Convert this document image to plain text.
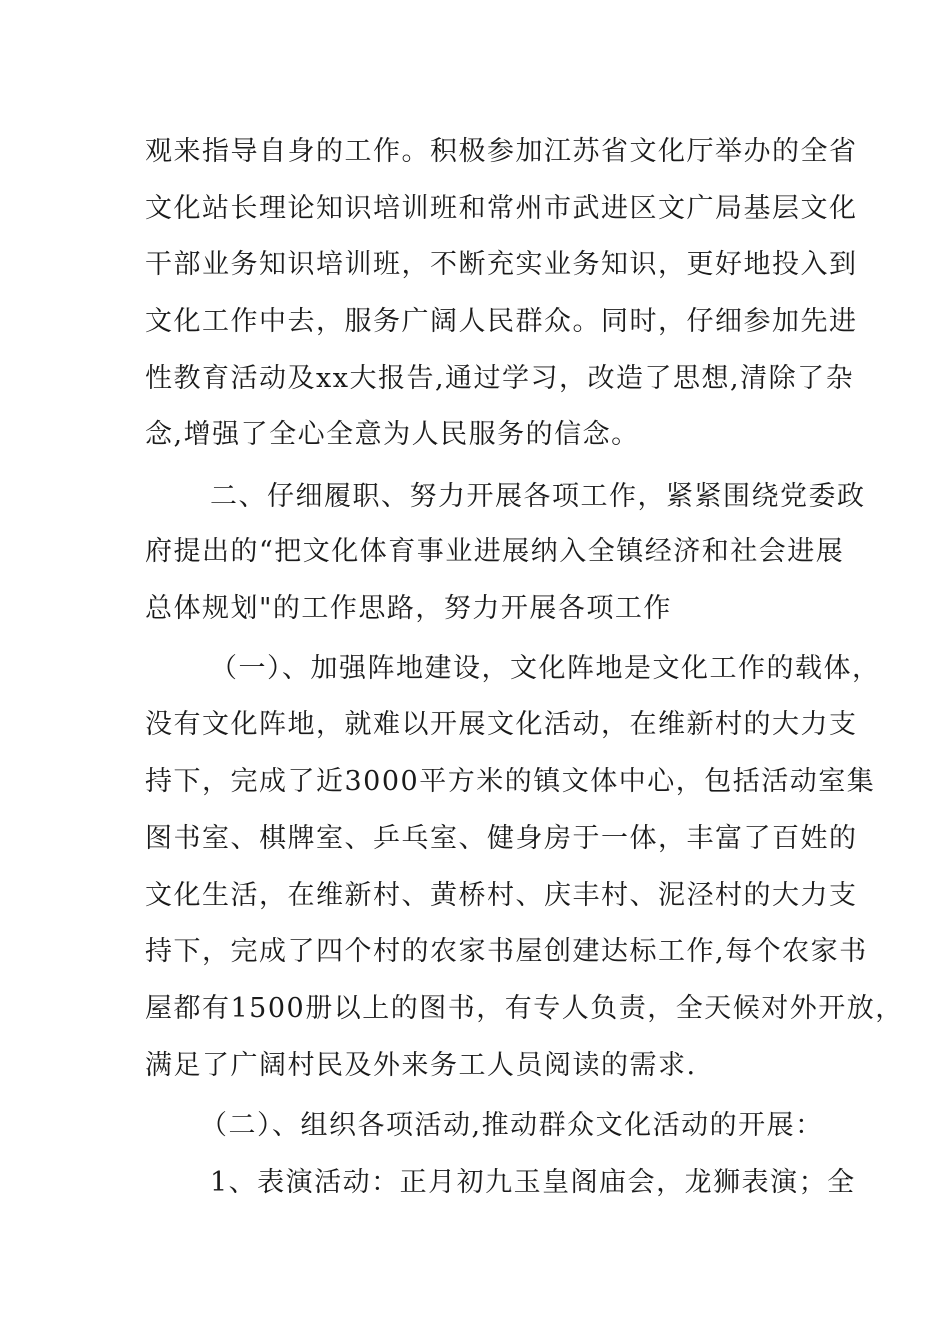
观来指导自身的工作。积极参加江苏省文化厅举办的全省
文化站长理论知识培训班和常州市武进区文广局基层文化
干部业务知识培训班，不断充实业务知识，更好地投入到
文化工作中去，服务广阔人民群众。同时，仔细参加先进
性教育活动及xx大报告,通过学习，改造了思想,清除了杂
念,增强了全心全意为人民服务的信念。
二、仔细履职、努力开展各项工作，紧紧围绕党委政
府提出的“把文化体育事业进展纳入全镇经济和社会进展
总体规划"的工作思路，努力开展各项工作
（一）、加强阵地建设，文化阵地是文化工作的载体，
没有文化阵地，就难以开展文化活动，在维新村的大力支
持下，完成了近3000平方米的镇文体中心，包括活动室集
图书室、棋牌室、乒乓室、健身房于一体，丰富了百姓的
文化生活，在维新村、黄桥村、庆丰村、泥泾村的大力支
持下，完成了四个村的农家书屋创建达标工作,每个农家书
屋都有1500册以上的图书，有专人负责，全天候对外开放，
满足了广阔村民及外来务工人员阅读的需求.
（二）、组织各项活动,推动群众文化活动的开展：
1、表演活动：正月初九玉皇阁庙会，龙狮表演；全
